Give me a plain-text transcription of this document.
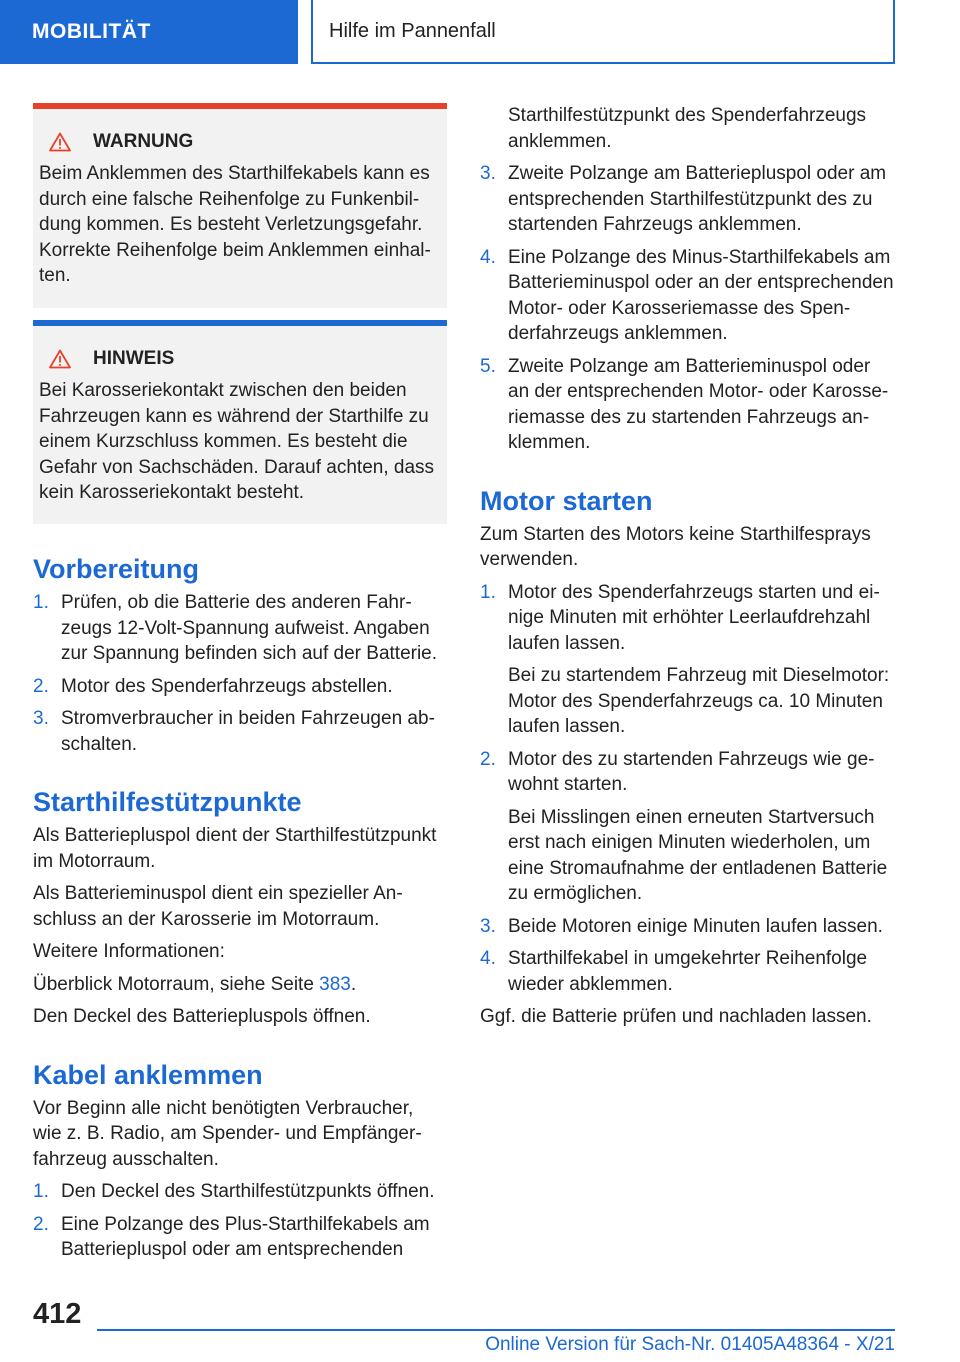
MOBILITÄT	Hilfe im Pannenfall
WARNUNG

Beim Anklemmen des Starthilfekabels kann es durch eine falsche Reihenfolge zu Funkenbildung kommen. Es besteht Verletzungsgefahr. Korrekte Reihenfolge beim Anklemmen einhalten.

HINWEIS

Bei Karosseriekontakt zwischen den beiden Fahrzeugen kann es während der Starthilfe zu einem Kurzschluss kommen. Es besteht die Gefahr von Sachschäden. Darauf achten, dass kein Karosseriekontakt besteht.

Vorbereitung
1. Prüfen, ob die Batterie des anderen Fahrzeugs 12-Volt-Spannung aufweist. Angaben zur Spannung befinden sich auf der Batterie.
2. Motor des Spenderfahrzeugs abstellen.
3. Stromverbraucher in beiden Fahrzeugen abschalten.
Starthilfestützpunkte

Als Batteriepluspol dient der Starthilfestützpunkt im Motorraum.

Als Batterieminuspol dient ein spezieller Anschluss an der Karosserie im Motorraum.

Weitere Informationen:

Überblick Motorraum, siehe Seite 383.

Den Deckel des Batteriepluspols öffnen.

Kabel anklemmen

Vor Beginn alle nicht benötigten Verbraucher, wie z. B. Radio, am Spender- und Empfängerfahrzeug ausschalten.

1. Den Deckel des Starthilfestützpunkts öffnen.
2. Eine Polzange des Plus-Starthilfekabels am Batteriepluspol oder am entsprechenden

Starthilfestützpunkt des Spenderfahrzeugs anklemmen.

3. Zweite Polzange am Batteriepluspol oder am entsprechenden Starthilfestützpunkt des zu startenden Fahrzeugs anklemmen.
4. Eine Polzange des Minus-Starthilfekabels am Batterieminuspol oder an der entsprechenden Motor- oder Karosseriemasse des Spenderfahrzeugs anklemmen.
5. Zweite Polzange am Batterieminuspol oder an der entsprechenden Motor- oder Karosseriemasse des zu startenden Fahrzeugs anklemmen.
Motor starten

Zum Starten des Motors keine Starthilfesprays verwenden.

1. Motor des Spenderfahrzeugs starten und einige Minuten mit erhöhter Leerlaufdrehzahl laufen lassen.
Bei zu startendem Fahrzeug mit Dieselmotor: Motor des Spenderfahrzeugs ca. 10 Minuten laufen lassen.
2. Motor des zu startenden Fahrzeugs wie gewohnt starten.
Bei Misslingen einen erneuten Startversuch erst nach einigen Minuten wiederholen, um eine Stromaufnahme der entladenen Batterie zu ermöglichen.
3. Beide Motoren einige Minuten laufen lassen.
4. Starthilfekabel in umgekehrter Reihenfolge wieder abklemmen.

Ggf. die Batterie prüfen und nachladen lassen.

412
Online Version für Sach-Nr. 01405A48364 - X/21
